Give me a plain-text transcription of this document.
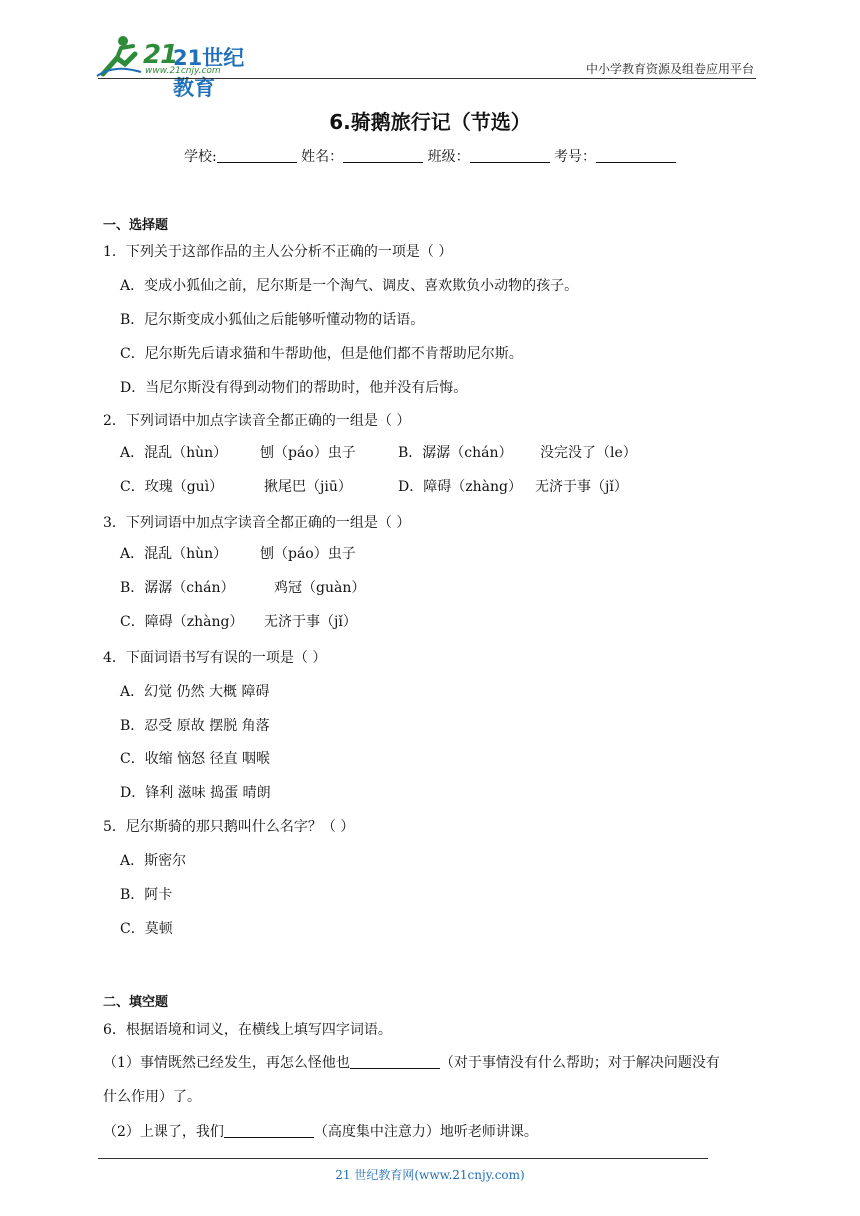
21
21世纪教育
www.21cnjy.com	中小学教育资源及组卷应用平台
6.骑鹅旅行记（节选）
学校:	姓名：	班级：	考号：
一、选择题
1．下列关于这部作品的主人公分析不正确的一项是（ ）
A．变成小狐仙之前，尼尔斯是一个淘气、调皮、喜欢欺负小动物的孩子。
B．尼尔斯变成小狐仙之后能够听懂动物的话语。
C．尼尔斯先后请求猫和牛帮助他，但是他们都不肯帮助尼尔斯。
D．当尼尔斯没有得到动物们的帮助时，他并没有后悔。
2．下列词语中加点字读音全都正确的一组是（ ）
A．混乱（hùn） 刨（páo）虫子	B．潺潺（chán） 没完没了（le）
C．玫瑰（guì）	揪尾巴（jiū）	D．障碍（zhàng） 无济于事（jǐ）
3．下列词语中加点字读音全都正确的一组是（ ）
A．混乱（hùn） 刨（páo）虫子
B．潺潺（chán）	鸡冠（guàn）
C．障碍（zhàng） 无济于事（jǐ）
4．下面词语书写有误的一项是（ ）
A．幻觉 仍然 大概 障碍
B．忍受 原故 摆脱 角落
C．收缩 恼怒 径直 咽喉
D．锋利 滋味 捣蛋 晴朗
5．尼尔斯骑的那只鹅叫什么名字？（ ）
A．斯密尔
B．阿卡
C．莫顿
二、填空题
6．根据语境和词义，在横线上填写四字词语。
（1）事情既然已经发生，再怎么怪他也	（对于事情没有什么帮助；对于解决问题没有
什么作用）了。
（2）上课了，我们	（高度集中注意力）地听老师讲课。
21 世纪教育网(www.21cnjy.com)
